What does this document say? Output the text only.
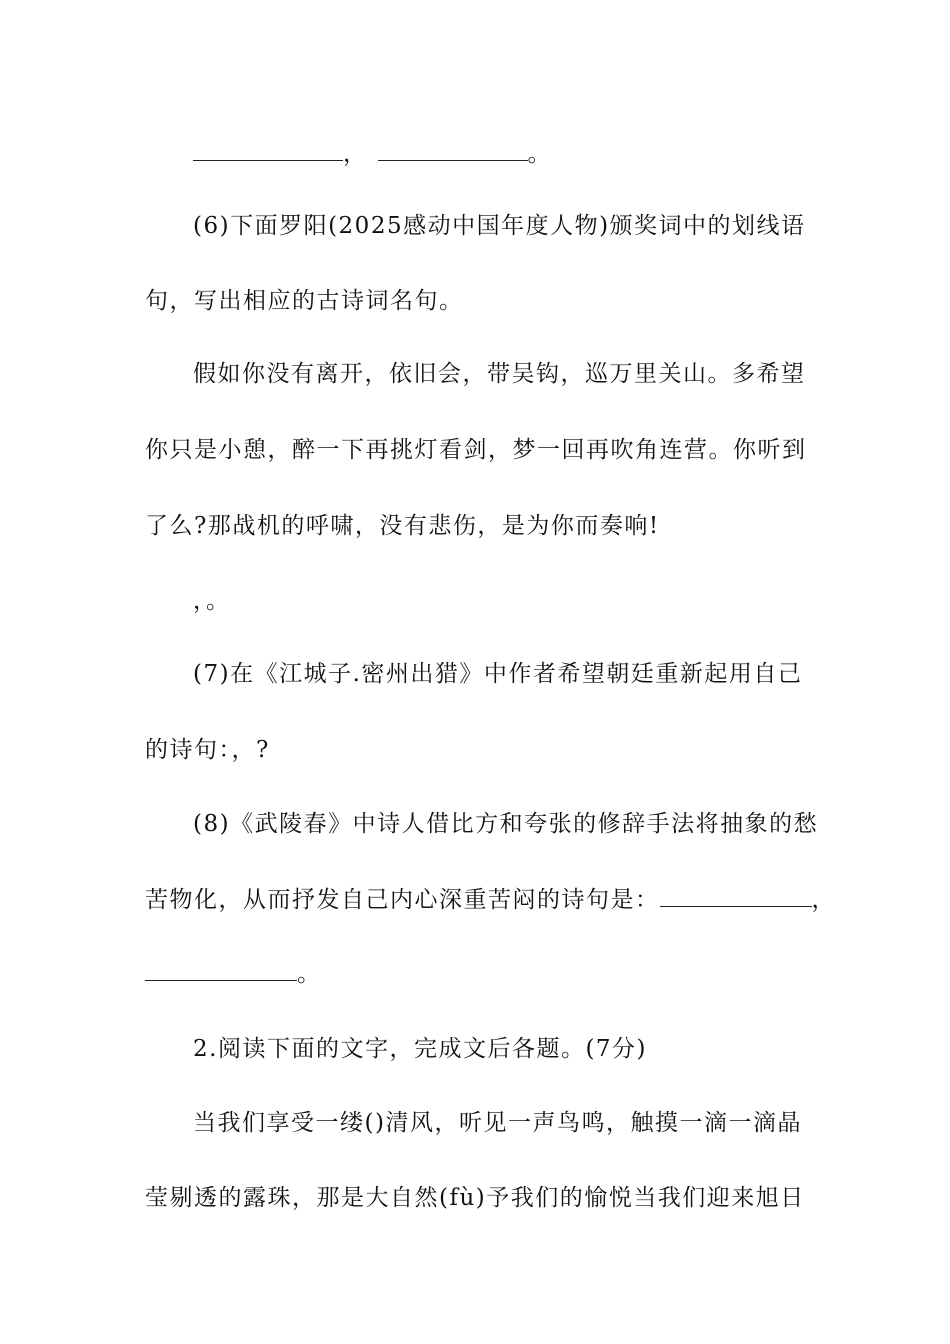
，	。
(6)下面罗阳(2025感动中国年度人物)颁奖词中的划线语
句，写出相应的古诗词名句。
假如你没有离开，依旧会，带吴钩，巡万里关山。多希望
你只是小憩，醉一下再挑灯看剑，梦一回再吹角连营。你听到
了么?那战机的呼啸，没有悲伤，是为你而奏响!
，。
(7)在《江城子.密州出猎》中作者希望朝廷重新起用自己
的诗句：，?
(8)《武陵春》中诗人借比方和夸张的修辞手法将抽象的愁
苦物化，从而抒发自己内心深重苦闷的诗句是：	，
。
2.阅读下面的文字，完成文后各题。(7分)
当我们享受一缕()清风，听见一声鸟鸣，触摸一滴一滴晶
莹剔透的露珠，那是大自然(fù)予我们的愉悦当我们迎来旭日
